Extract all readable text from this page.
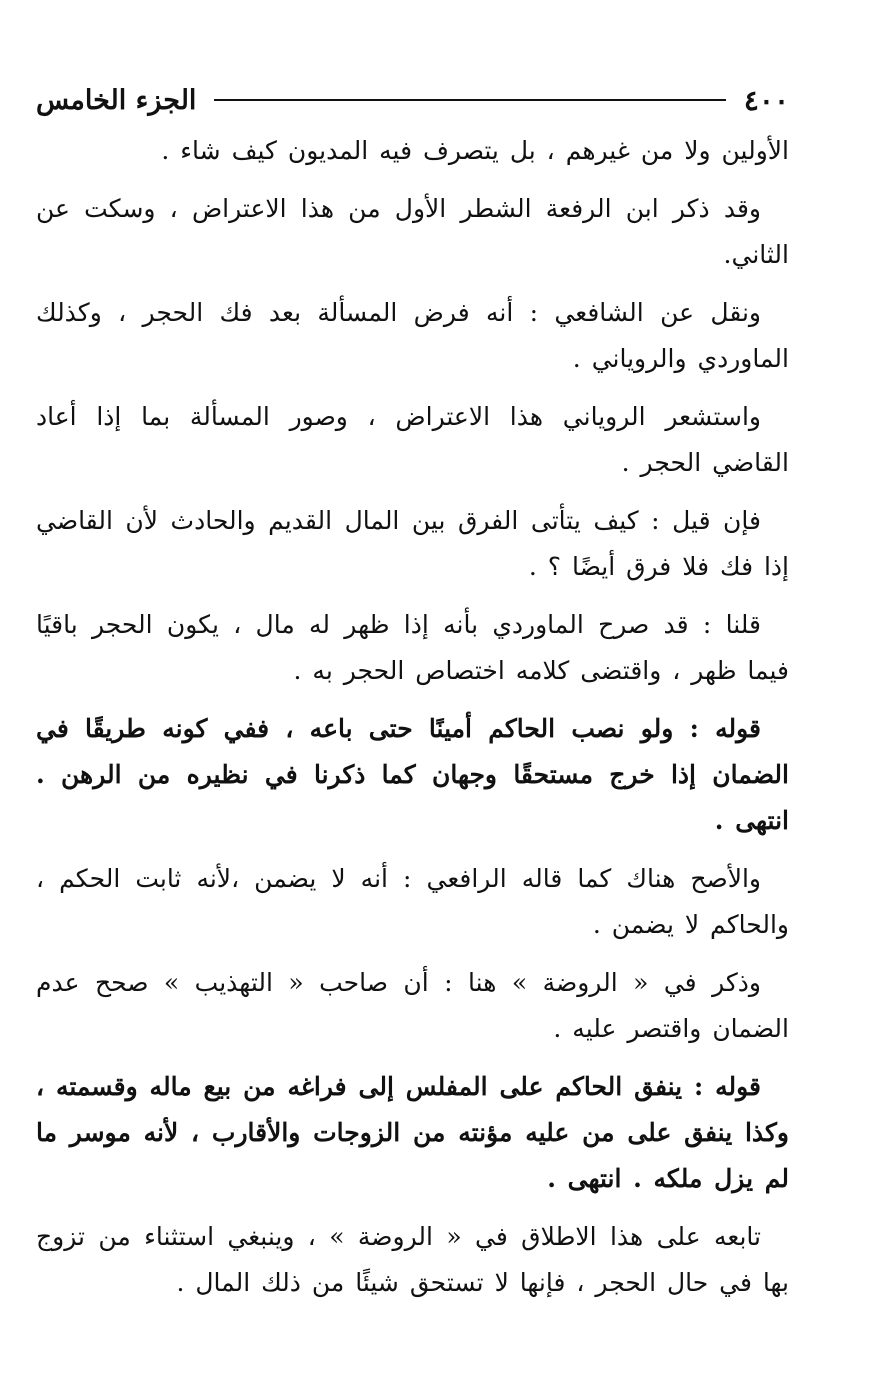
٤٠٠
الجزء الخامس

الأولين ولا من غيرهم ، بل يتصرف فيه المديون كيف شاء .

وقد ذكر ابن الرفعة الشطر الأول من هذا الاعتراض ، وسكت عن الثاني.

ونقل عن الشافعي : أنه فرض المسألة بعد فك الحجر ، وكذلك الماوردي والروياني .

واستشعر الروياني هذا الاعتراض ، وصور المسألة بما إذا أعاد القاضي الحجر .

فإن قيل : كيف يتأتى الفرق بين المال القديم والحادث لأن القاضي إذا فك فلا فرق أيضًا ؟ .

قلنا : قد صرح الماوردي بأنه إذا ظهر له مال ، يكون الحجر باقيًا فيما ظهر ، واقتضى كلامه اختصاص الحجر به .

قوله : ولو نصب الحاكم أمينًا حتى باعه ، ففي كونه طريقًا في الضمان إذا خرج مستحقًا وجهان كما ذكرنا في نظيره من الرهن . انتهى .

والأصح هناك كما قاله الرافعي : أنه لا يضمن ،لأنه ثابت الحكم ، والحاكم لا يضمن .

وذكر في « الروضة » هنا : أن صاحب « التهذيب » صحح عدم الضمان واقتصر عليه .

قوله : ينفق الحاكم على المفلس إلى فراغه من بيع ماله وقسمته ، وكذا ينفق على من عليه مؤنته من الزوجات والأقارب ، لأنه موسر ما لم يزل ملكه . انتهى .

تابعه على هذا الاطلاق في « الروضة » ، وينبغي استثناء من تزوج بها في حال الحجر ، فإنها لا تستحق شيئًا من ذلك المال .
